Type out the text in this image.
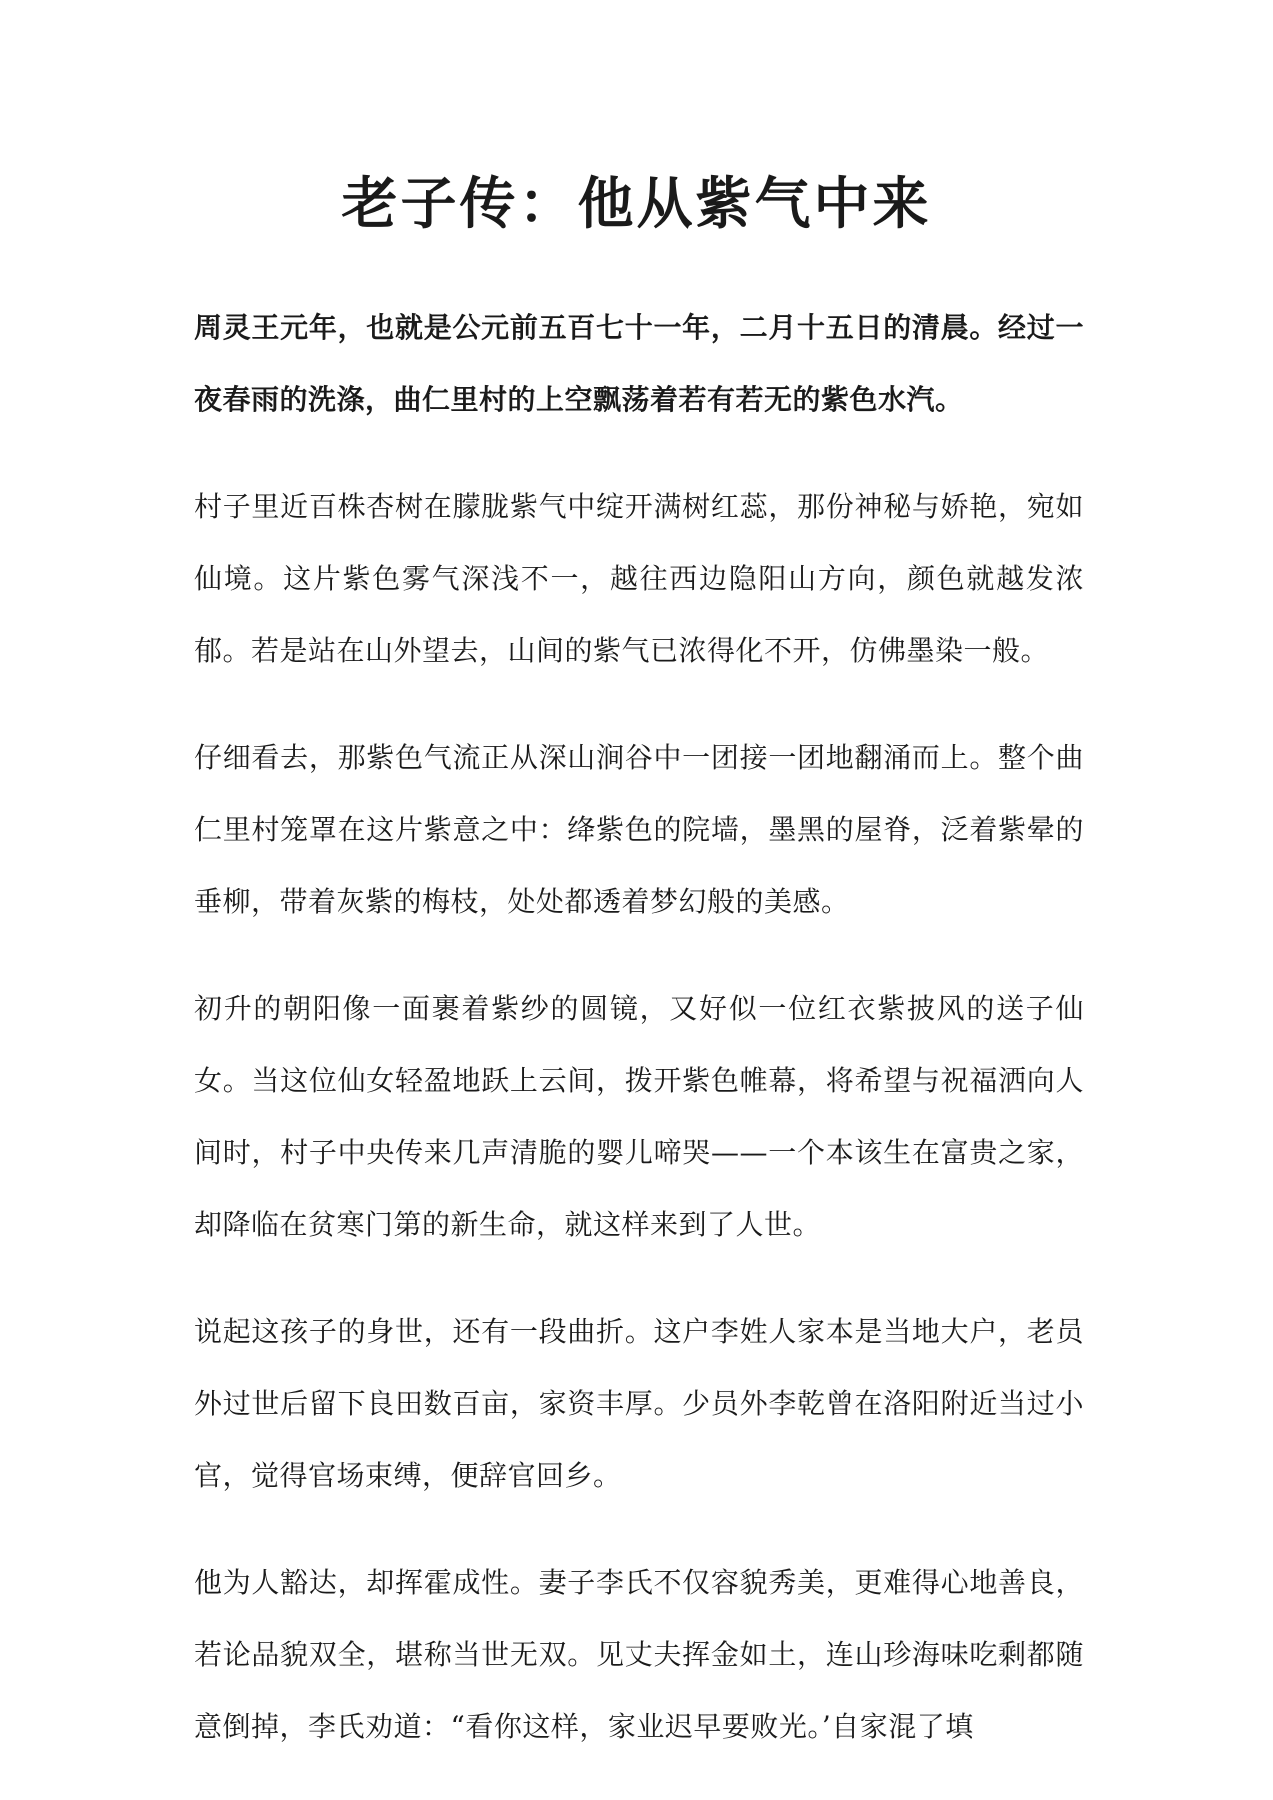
老子传：他从紫气中来

周灵王元年，也就是公元前五百七十一年，二月十五日的清晨。经过一夜春雨的洗涤，曲仁里村的上空飘荡着若有若无的紫色水汽。

村子里近百株杏树在朦胧紫气中绽开满树红蕊，那份神秘与娇艳，宛如仙境。这片紫色雾气深浅不一，越往西边隐阳山方向，颜色就越发浓郁。若是站在山外望去，山间的紫气已浓得化不开，仿佛墨染一般。

仔细看去，那紫色气流正从深山涧谷中一团接一团地翻涌而上。整个曲仁里村笼罩在这片紫意之中：绛紫色的院墙，墨黑的屋脊，泛着紫晕的垂柳，带着灰紫的梅枝，处处都透着梦幻般的美感。

初升的朝阳像一面裹着紫纱的圆镜，又好似一位红衣紫披风的送子仙女。当这位仙女轻盈地跃上云间，拨开紫色帷幕，将希望与祝福洒向人间时，村子中央传来几声清脆的婴儿啼哭——一个本该生在富贵之家，却降临在贫寒门第的新生命，就这样来到了人世。

说起这孩子的身世，还有一段曲折。这户李姓人家本是当地大户，老员外过世后留下良田数百亩，家资丰厚。少员外李乾曾在洛阳附近当过小官，觉得官场束缚，便辞官回乡。

他为人豁达，却挥霍成性。妻子李氏不仅容貌秀美，更难得心地善良，若论品貌双全，堪称当世无双。见丈夫挥金如土，连山珍海味吃剩都随意倒掉，李氏劝道：“看你这样，家业迟早要败光。’自家混了填
